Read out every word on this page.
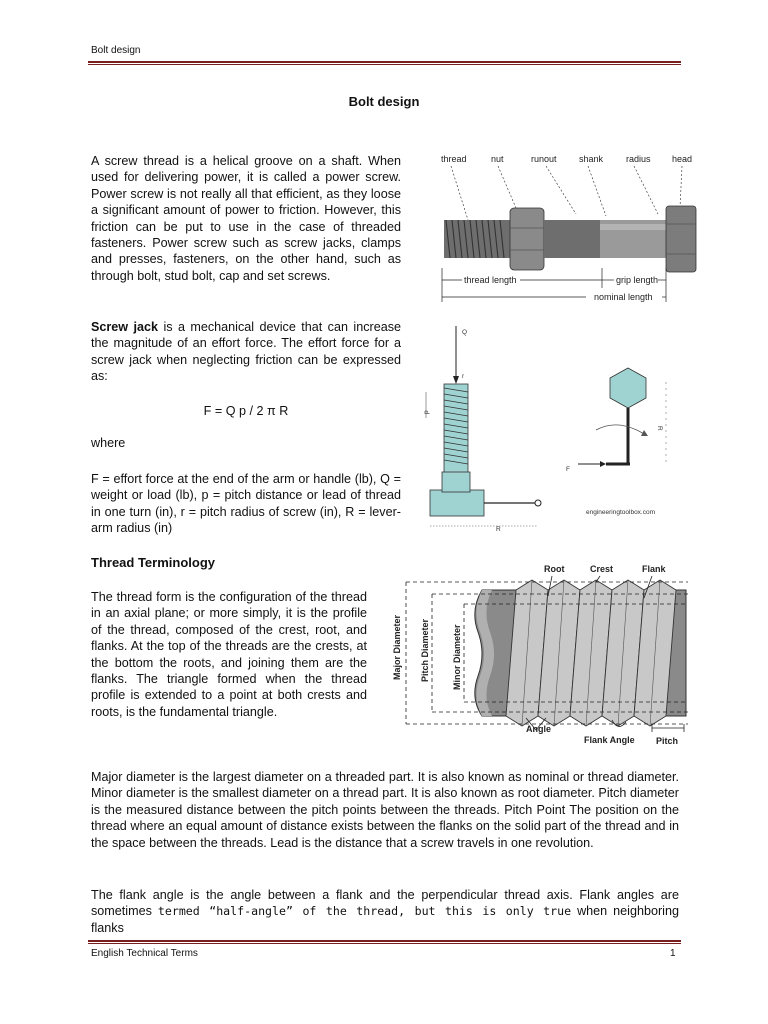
Bolt design
Bolt design
A screw thread is a helical groove on a shaft. When used for delivering power, it is called a power screw. Power screw is not really all that efficient, as they loose a significant amount of power to friction. However, this friction can be put to use in the case of threaded fasteners. Power screw such as screw jacks, clamps and presses, fasteners, on the other hand, such as through bolt, stud bolt, cap and set screws.
Screw jack is a mechanical device that can increase the magnitude of an effort force. The effort force for a screw jack when neglecting friction can be expressed as:
F = Q p / 2 π R
where
F = effort force at the end of the arm or handle (lb), Q = weight or load (lb), p = pitch distance or lead of thread in one turn (in), r = pitch radius of screw (in), R = lever-arm radius (in)
thread	nut	runout shank	radius head
thread length	grip length
nominal length
Q
r
p
R
F
R
engineeringtoolbox.com
Thread Terminology
The thread form is the configuration of the thread in an axial plane; or more simply, it is the profile of the thread, composed of the crest, root, and flanks. At the top of the threads are the crests, at the bottom the roots, and joining them are the flanks. The triangle formed when the thread profile is extended to a point at both crests and roots, is the fundamental triangle.
Root	Crest	Flank
Major Diameter Pitch Diameter Minor Diameter
Angle
Flank Angle Pitch
Major diameter is the largest diameter on a threaded part. It is also known as nominal or thread diameter. Minor diameter is the smallest diameter on a thread part. It is also known as root diameter. Pitch diameter is the measured distance between the pitch points between the threads. Pitch Point The position on the thread where an equal amount of distance exists between the flanks on the solid part of the thread and in the space between the threads. Lead is the distance that a screw travels in one revolution.
The flank angle is the angle between a flank and the perpendicular thread axis. Flank angles are sometimes termed “half-angle” of the thread, but this is only true when neighboring flanks
English Technical Terms	1
